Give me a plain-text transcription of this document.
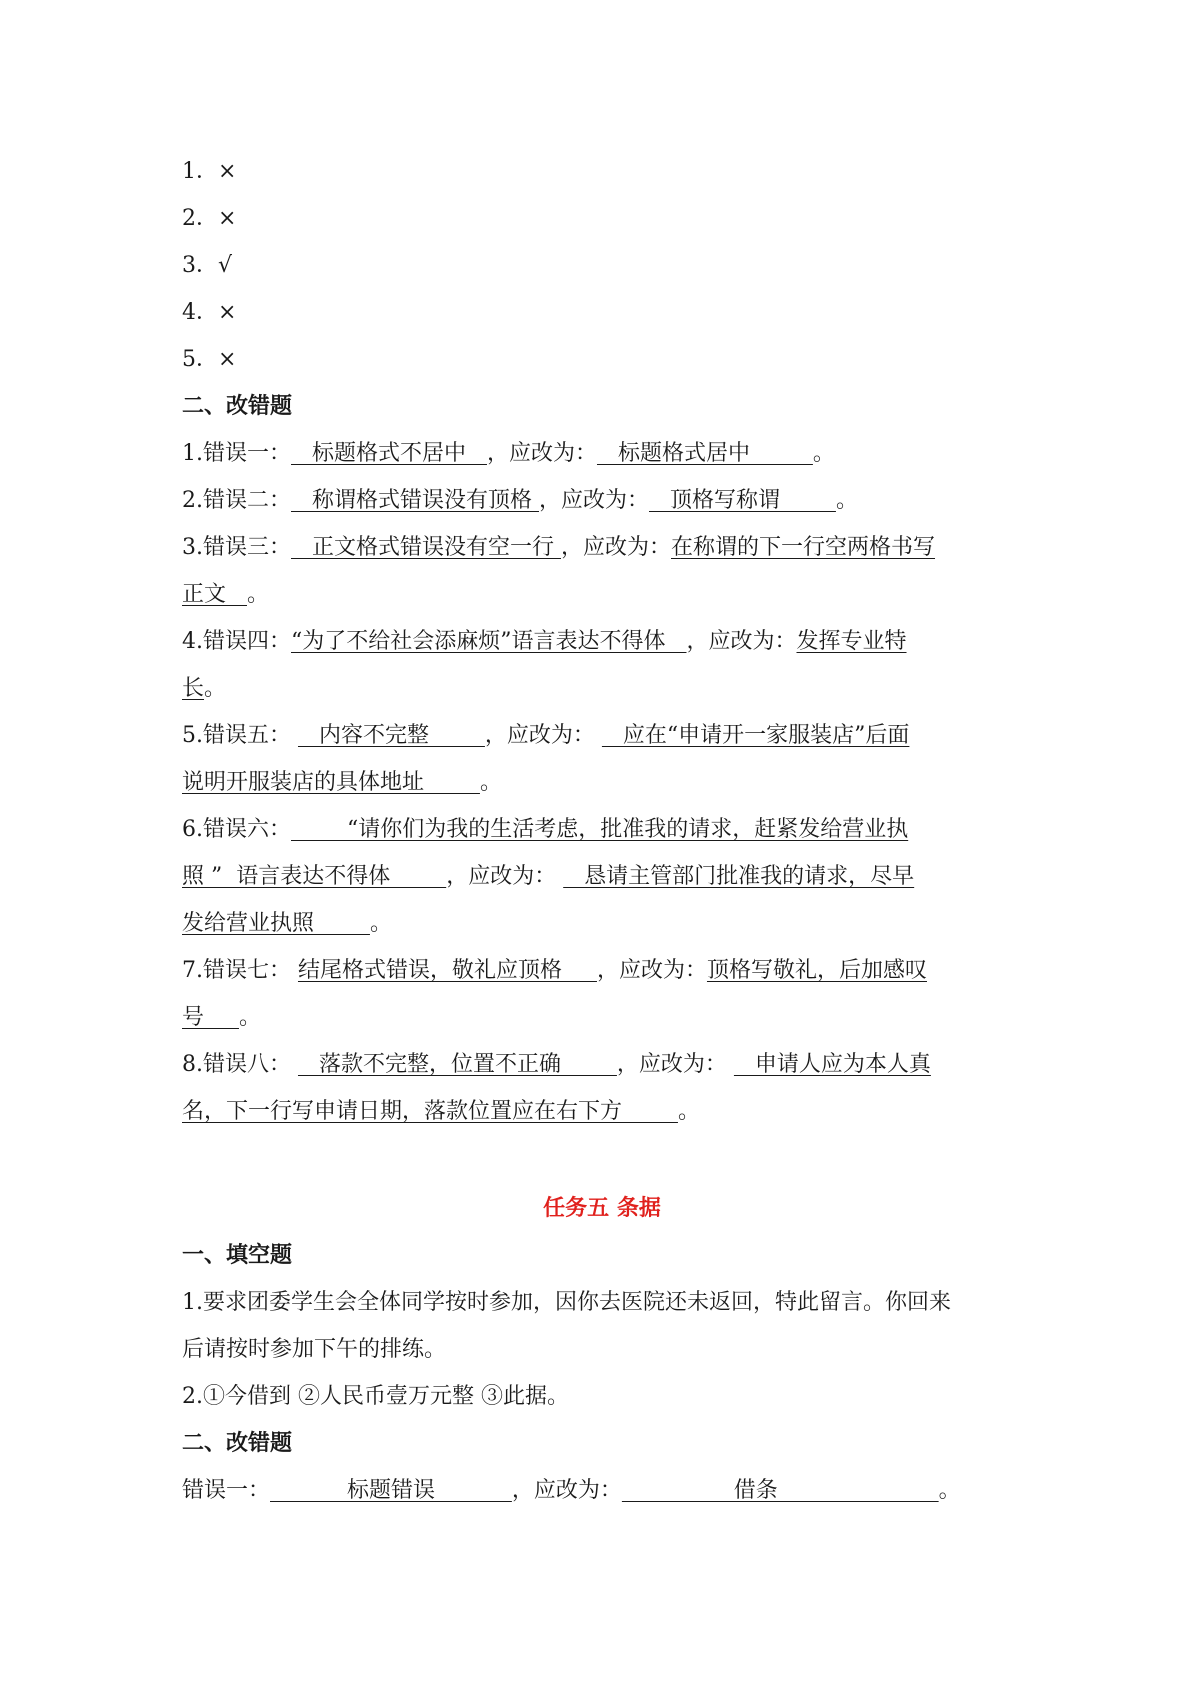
1．×
2．×
3．√
4．×
5．×
二、改错题
1.错误一：   标题格式不居中   ，应改为：   标题格式居中         。
2.错误二：   称谓格式错误没有顶格 ，应改为：   顶格写称谓        。
3.错误三：   正文格式错误没有空一行 ，应改为：在称谓的下一行空两格书写
正文   。
4.错误四：“为了不给社会添麻烦”语言表达不得体   ，应改为：发挥专业特
长。
5.错误五：    内容不完整        ，应改为：    应在“申请开一家服装店”后面
说明开服装店的具体地址        。
6.错误六：        “请你们为我的生活考虑，批准我的请求，赶紧发给营业执
照 ”  语言表达不得体        ，应改为：    恳请主管部门批准我的请求，尽早
发给营业执照        。
7.错误七： 结尾格式错误，敬礼应顶格     ，应改为：顶格写敬礼，后加感叹
号     。
8.错误八：    落款不完整，位置不正确        ，应改为：    申请人应为本人真
名，下一行写申请日期，落款位置应在右下方        。
任务五 条据
一、填空题
1.要求团委学生会全体同学按时参加，因你去医院还未返回，特此留言。你回来
后请按时参加下午的排练。
2.①今借到 ②人民币壹万元整 ③此据。
二、改错题
错误一：           标题错误           ，应改为：                借条                       。
